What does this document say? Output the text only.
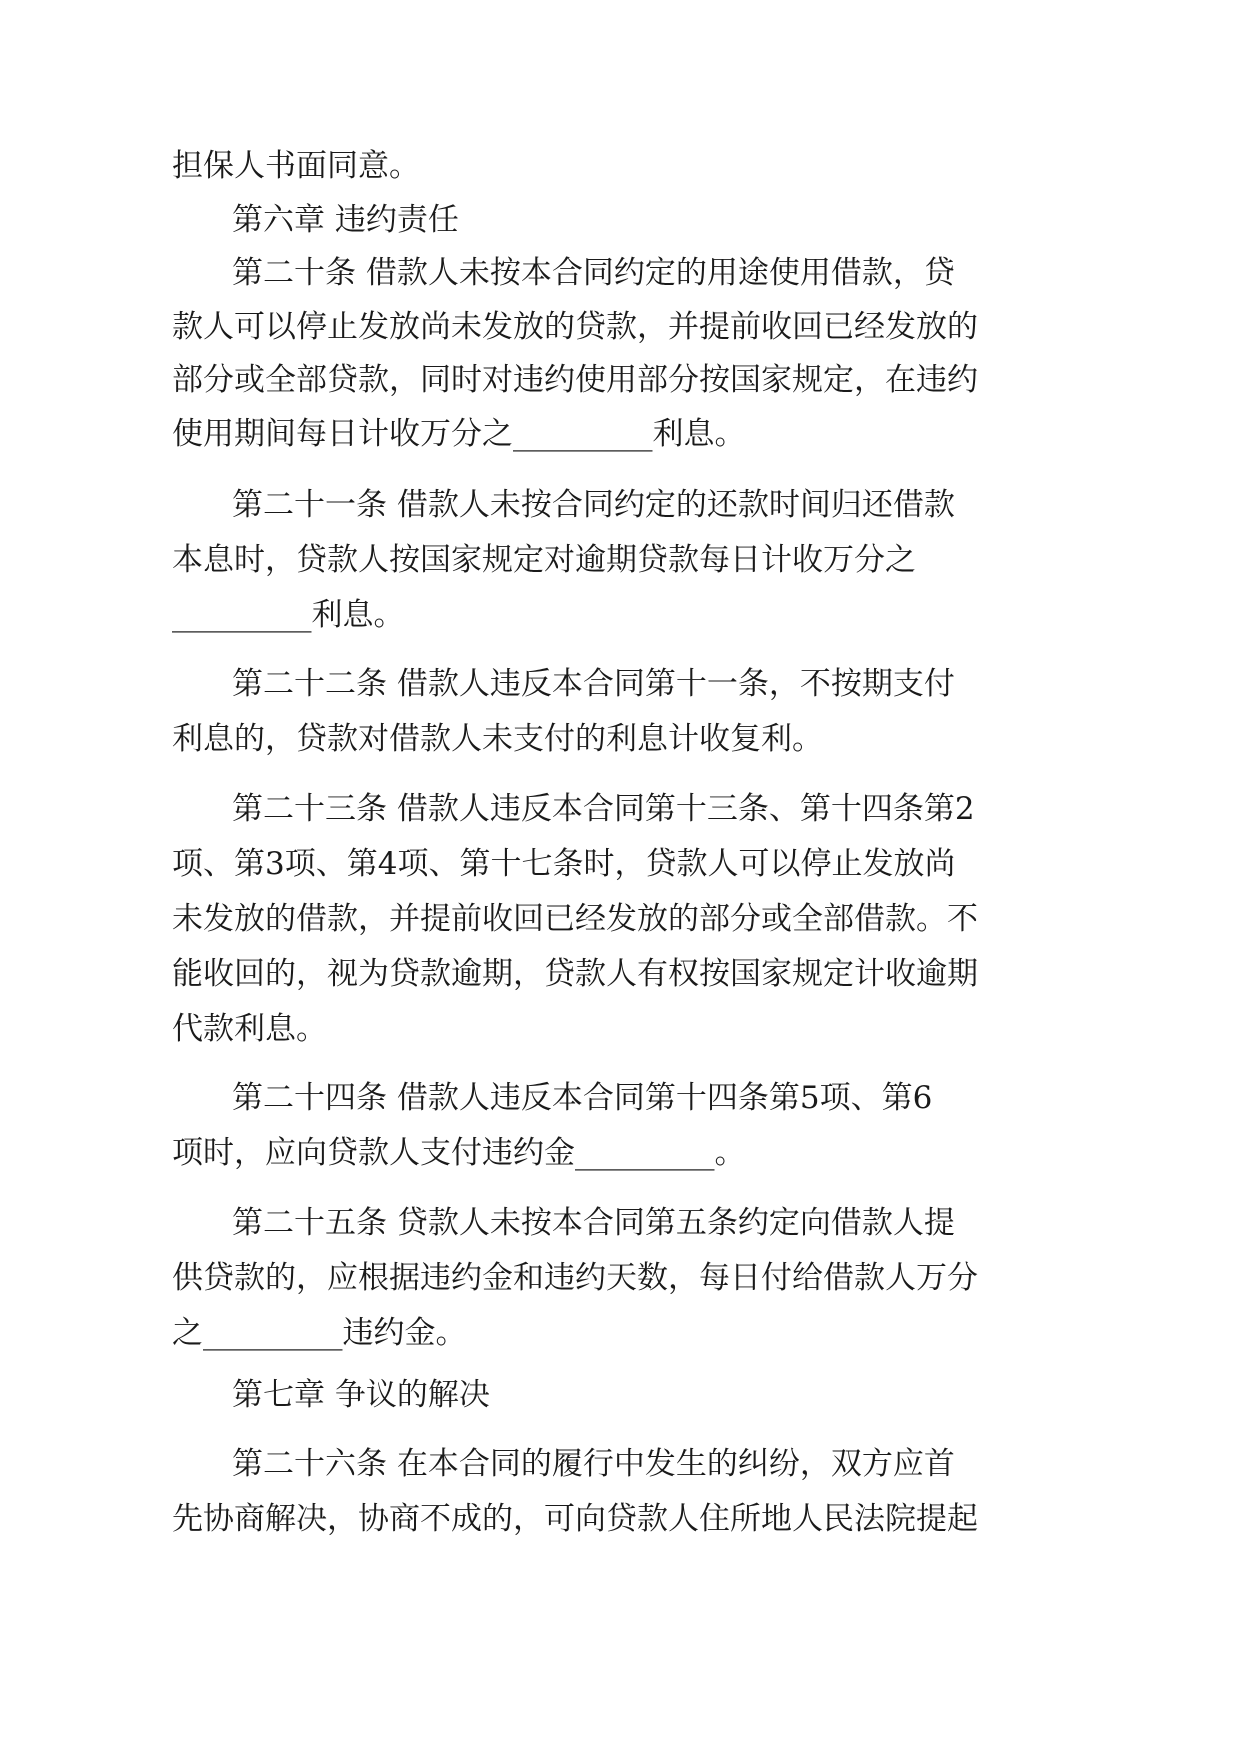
担保人书面同意。
第六章 违约责任
第二十条 借款人未按本合同约定的用途使用借款，贷
款人可以停止发放尚未发放的贷款，并提前收回已经发放的
部分或全部贷款，同时对违约使用部分按国家规定，在违约
使用期间每日计收万分之_________利息。
第二十一条 借款人未按合同约定的还款时间归还借款
本息时，贷款人按国家规定对逾期贷款每日计收万分之
_________利息。
第二十二条 借款人违反本合同第十一条，不按期支付
利息的，贷款对借款人未支付的利息计收复利。
第二十三条 借款人违反本合同第十三条、第十四条第2
项、第3项、第4项、第十七条时，贷款人可以停止发放尚
未发放的借款，并提前收回已经发放的部分或全部借款。不
能收回的，视为贷款逾期，贷款人有权按国家规定计收逾期
代款利息。
第二十四条 借款人违反本合同第十四条第5项、第6
项时，应向贷款人支付违约金_________。
第二十五条 贷款人未按本合同第五条约定向借款人提
供贷款的，应根据违约金和违约天数，每日付给借款人万分
之_________违约金。
第七章 争议的解决
第二十六条 在本合同的履行中发生的纠纷，双方应首
先协商解决，协商不成的，可向贷款人住所地人民法院提起
